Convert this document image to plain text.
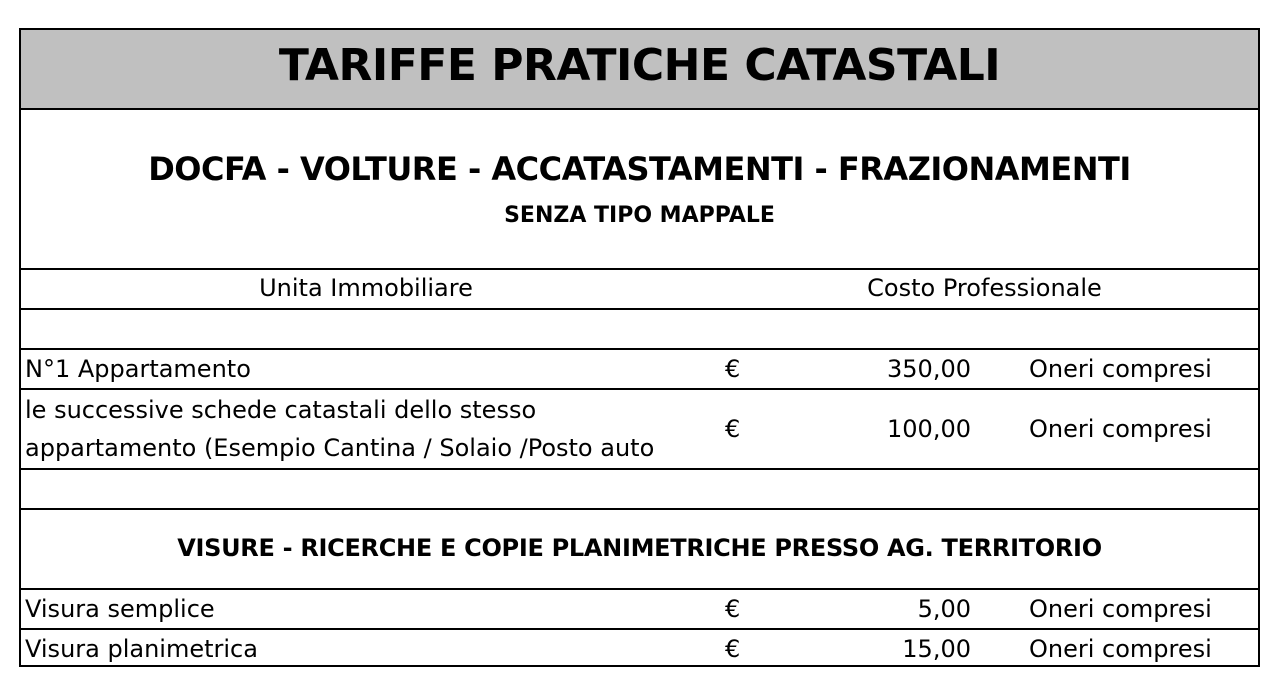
TARIFFE PRATICHE CATASTALI
DOCFA - VOLTURE - ACCATASTAMENTI - FRAZIONAMENTI
SENZA TIPO MAPPALE
Unita Immobiliare	Costo Professionale
N°1 Appartamento	€	350,00 Oneri compresi
le successive schede catastali dello stesso
appartamento (Esempio Cantina / Solaio /Posto auto
€	100,00 Oneri compresi
VISURE - RICERCHE E COPIE PLANIMETRICHE PRESSO AG. TERRITORIO
Visura semplice	€	5,00 Oneri compresi
Visura planimetrica	€	15,00 Oneri compresi
